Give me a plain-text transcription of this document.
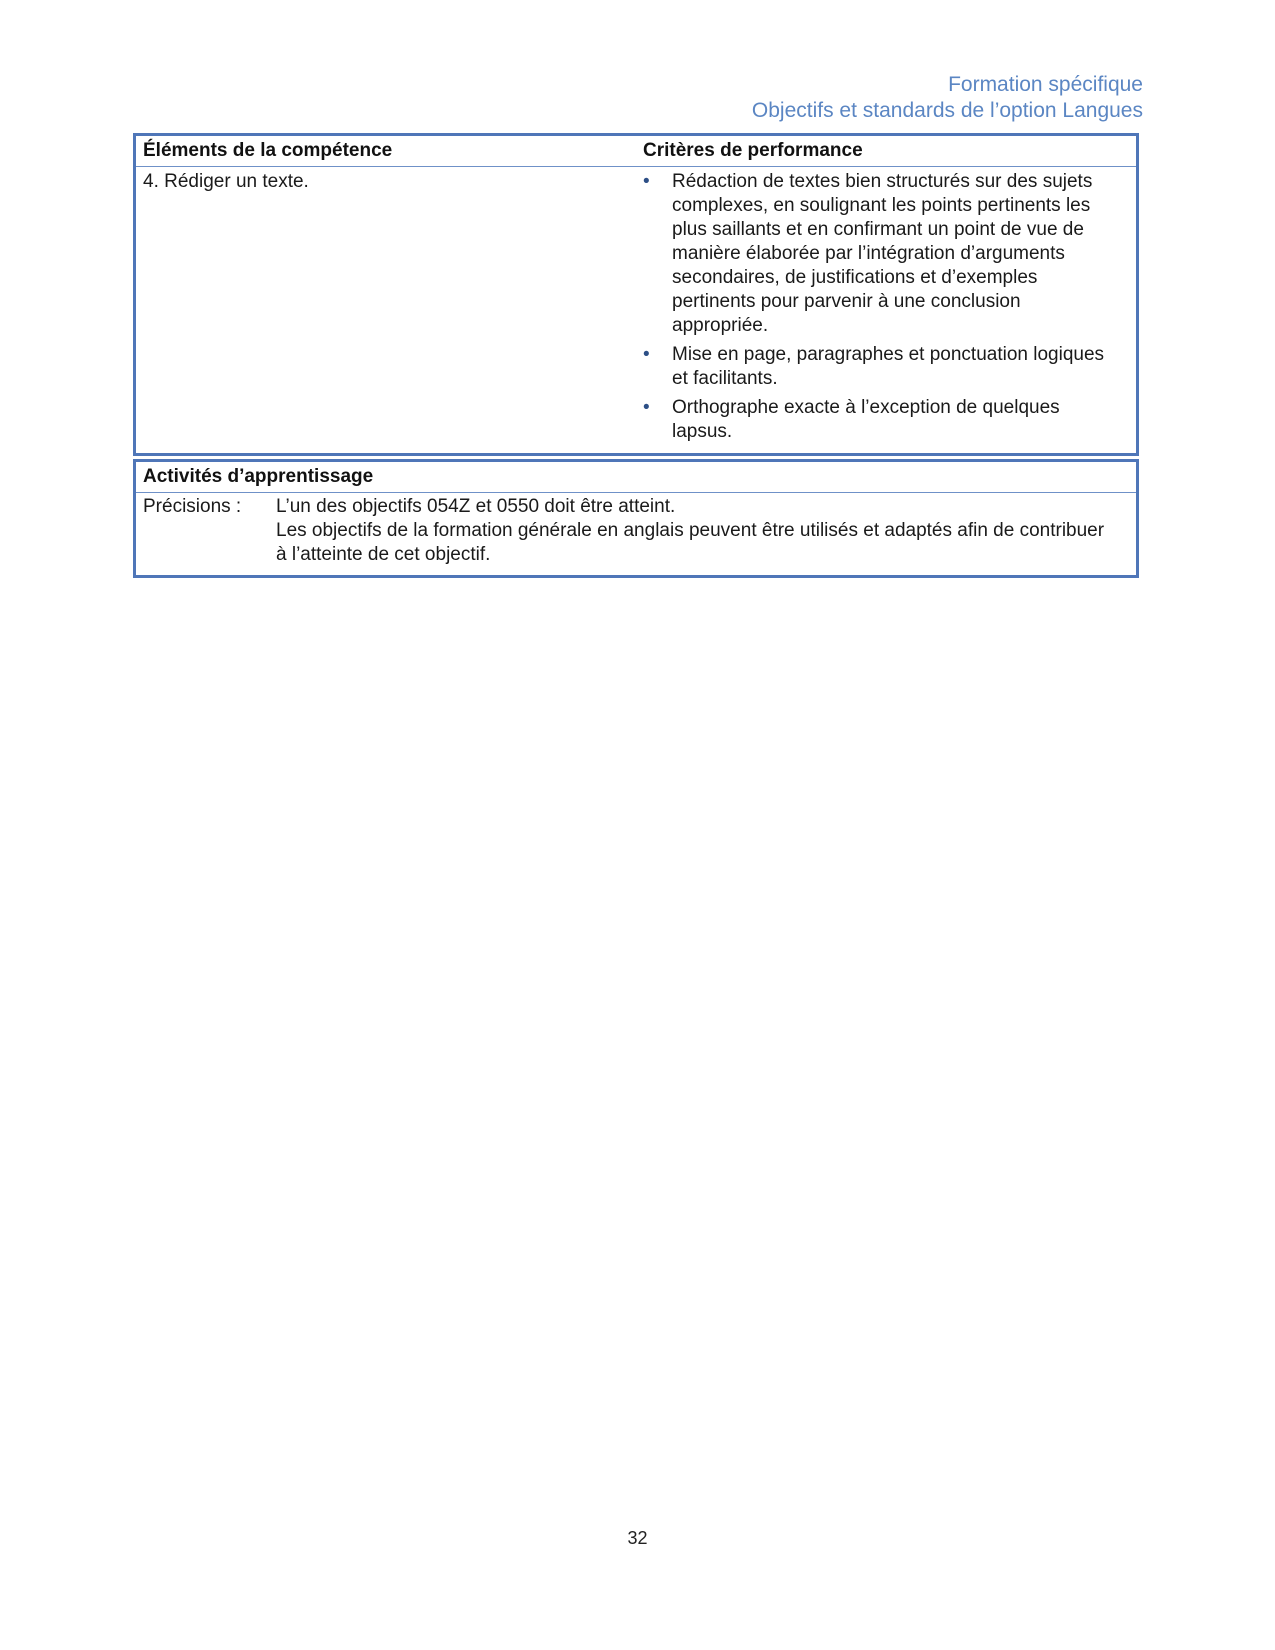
Formation spécifique
Objectifs et standards de l’option Langues
Éléments de la compétence	Critères de performance
4. Rédiger un texte.	•	Rédaction de textes bien structurés sur des sujets complexes, en soulignant les points pertinents les plus saillants et en confirmant un point de vue de manière élaborée par l’intégration d’arguments secondaires, de justifications et d’exemples pertinents pour parvenir à une conclusion appropriée.
•	Mise en page, paragraphes et ponctuation logiques et facilitants.
•	Orthographe exacte à l’exception de quelques lapsus.
Activités d’apprentissage
Précisions :	L’un des objectifs 054Z et 0550 doit être atteint.
Les objectifs de la formation générale en anglais peuvent être utilisés et adaptés afin de contribuer à l’atteinte de cet objectif.
32
